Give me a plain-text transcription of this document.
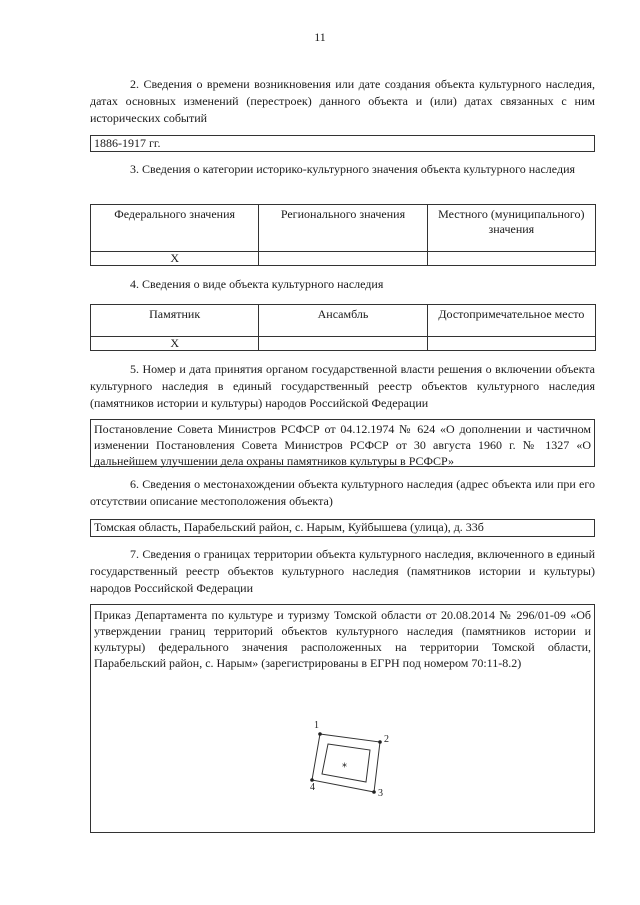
11
2. Сведения о времени возникновения или дате создания объекта культурного наследия, датах основных изменений (перестроек) данного объекта и (или) датах связанных с ним исторических событий
1886-1917 гг.
3. Сведения о категории историко-культурного значения объекта культурного наследия
Федерального значения	Регионального значения	Местного (муниципального) значения
Х		
4. Сведения о виде объекта культурного наследия
Памятник	Ансамбль	Достопримечательное место
Х		
5. Номер и дата принятия органом государственной власти решения о включении объекта культурного наследия в единый государственный реестр объектов культурного наследия (памятников истории и культуры) народов Российской Федерации
Постановление Совета Министров РСФСР от 04.12.1974 № 624 «О дополнении и частичном изменении Постановления Совета Министров РСФСР от 30 августа 1960 г. № 1327 «О дальнейшем улучшении дела охраны памятников культуры в РСФСР»
6. Сведения о местонахождении объекта культурного наследия (адрес объекта или при его отсутствии описание местоположения объекта)
Томская область, Парабельский район, с. Нарым, Куйбышева (улица), д. 33б
7. Сведения о границах территории объекта культурного наследия, включенного в единый государственный реестр объектов культурного наследия (памятников истории и культуры) народов Российской Федерации
Приказ Департамента по культуре и туризму Томской области от 20.08.2014 № 296/01-09 «Об утверждении границ территорий объектов культурного наследия (памятников истории и культуры) федерального значения расположенных на территории Томской области, Парабельский район, с. Нарым» (зарегистрированы в ЕГРН под номером 70:11-8.2)
⁎
1
2
3
4
